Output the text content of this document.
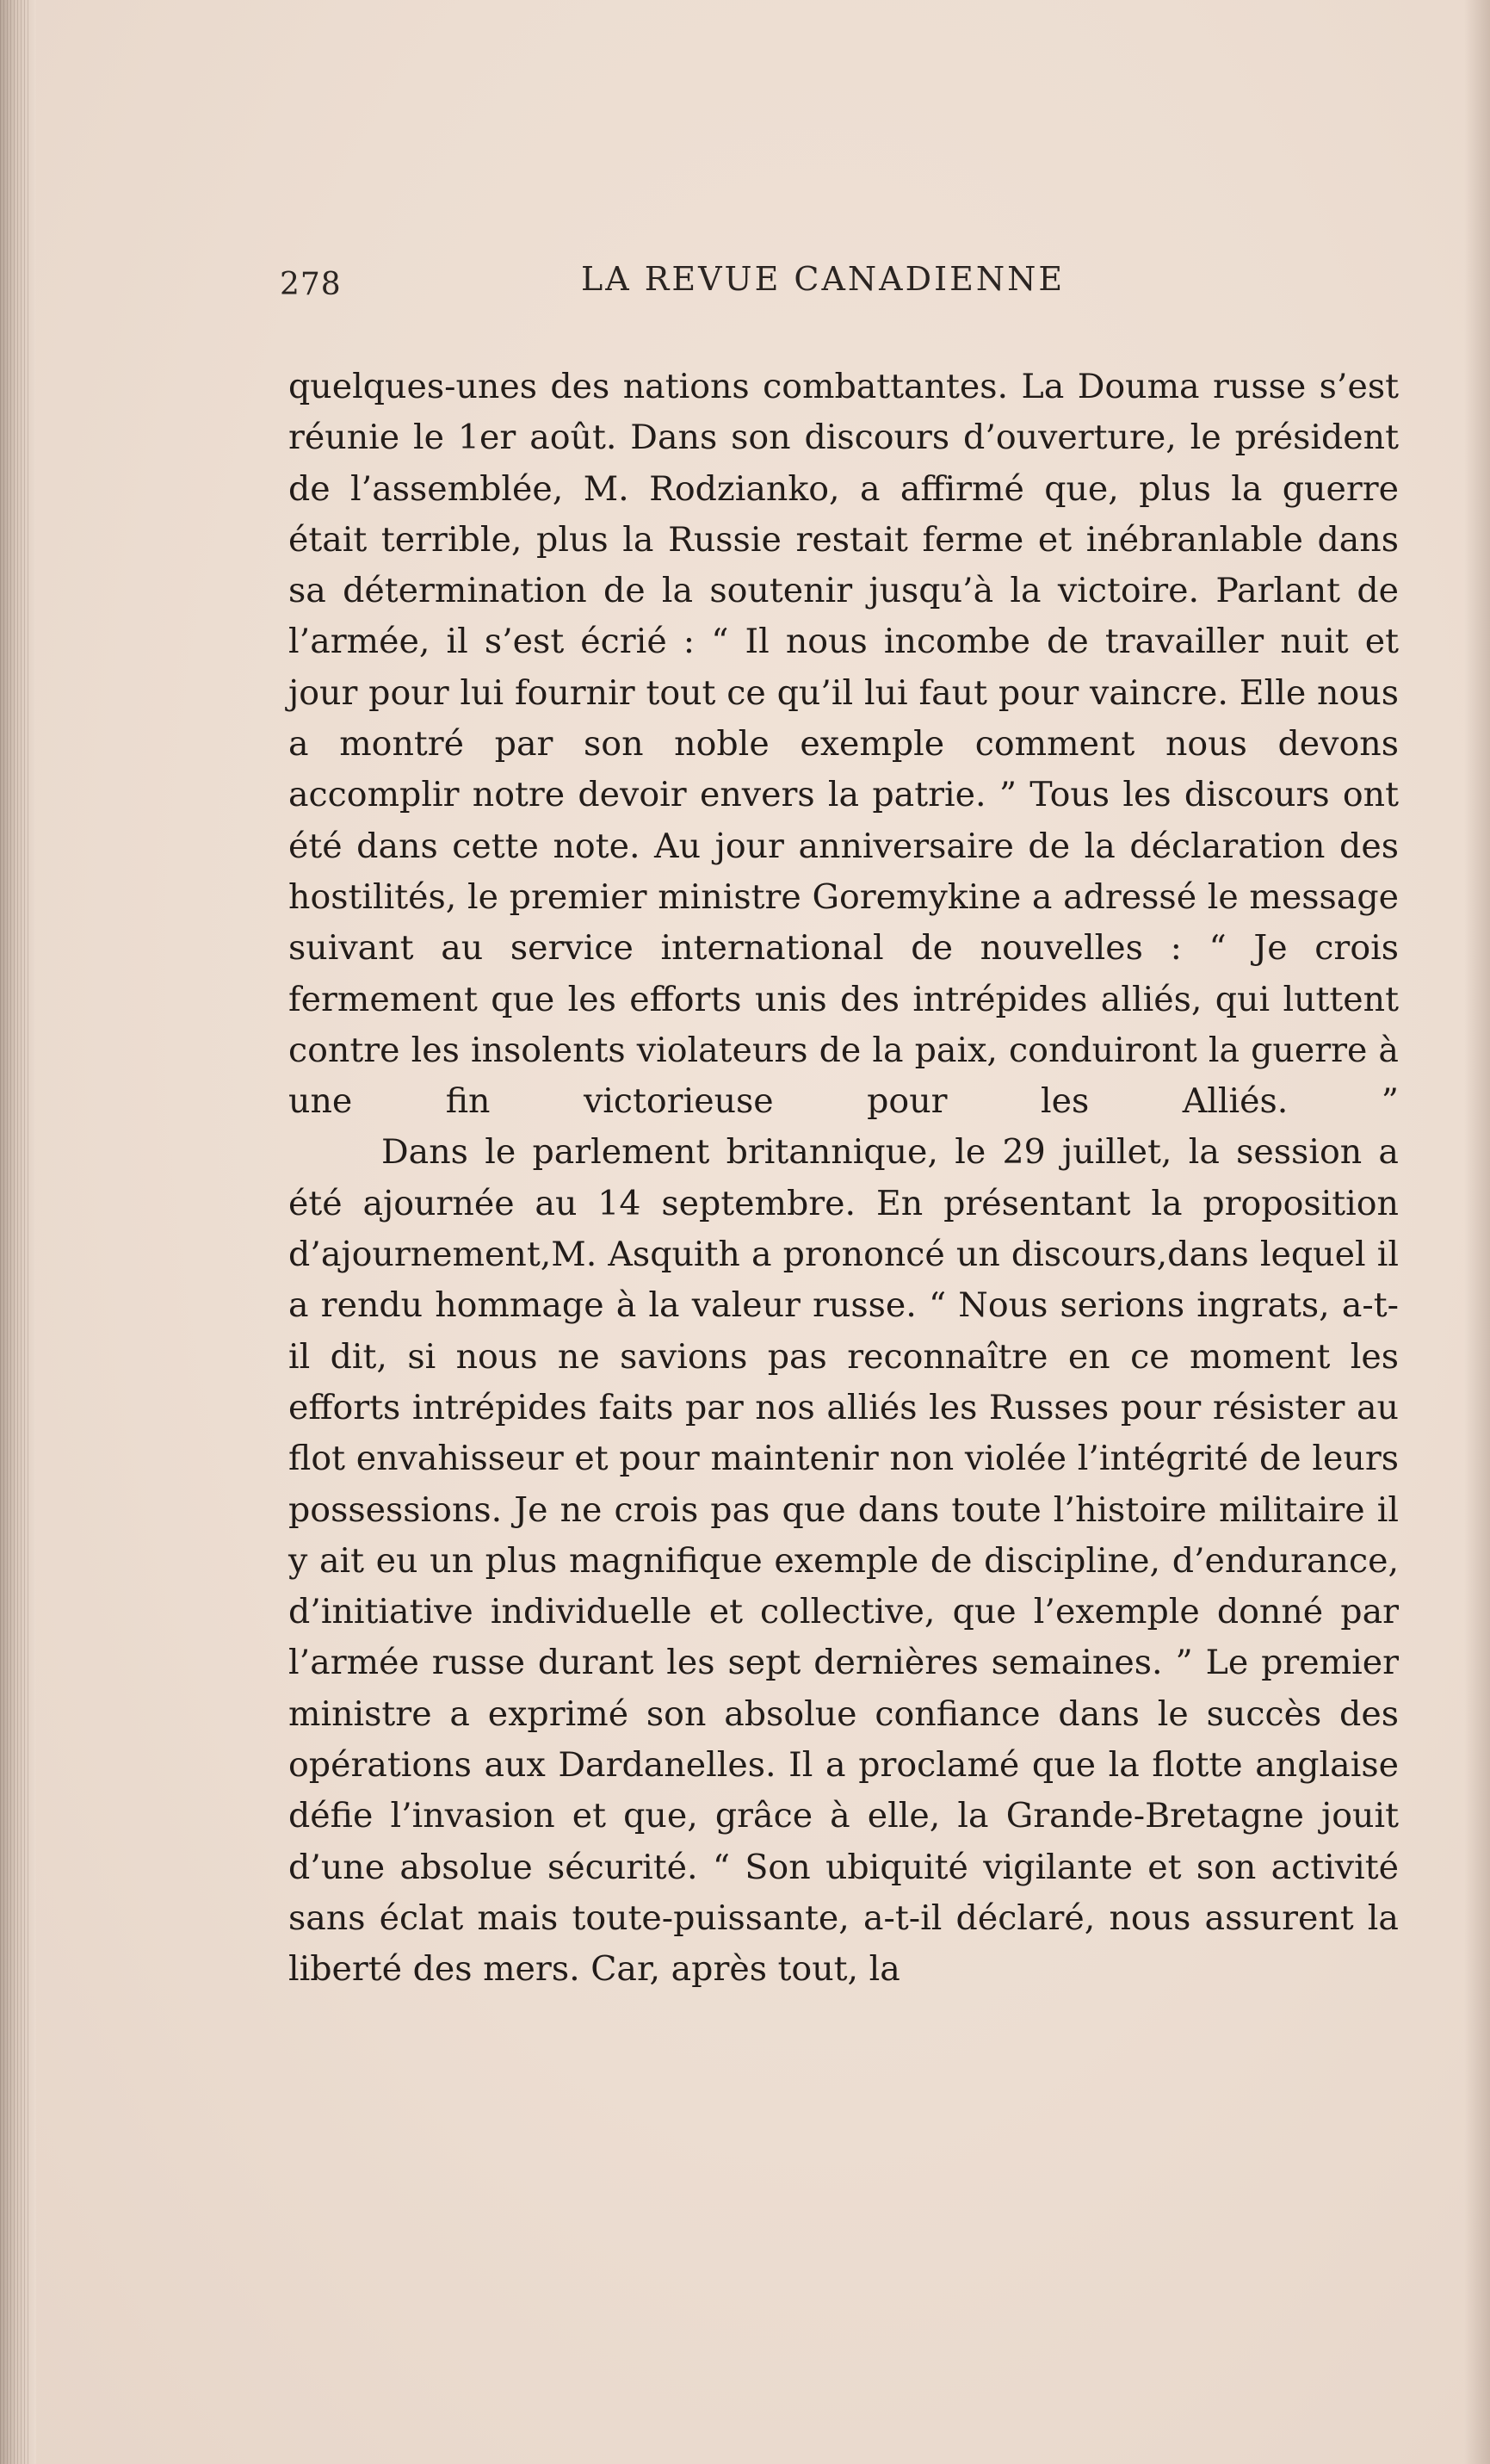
278	LA REVUE CANADIENNE

quelques-unes des nations combattantes. La Douma russe s’est réunie le 1er août. Dans son discours d’ouverture, le président de l’assemblée, M. Rodzianko, a affirmé que, plus la guerre était terrible, plus la Russie restait ferme et inébranlable dans sa détermination de la soutenir jusqu’à la victoire. Parlant de l’armée, il s’est écrié : “ Il nous incombe de travailler nuit et jour pour lui fournir tout ce qu’il lui faut pour vaincre. Elle nous a montré par son noble exemple comment nous devons accomplir notre devoir envers la patrie. ” Tous les discours ont été dans cette note. Au jour anniversaire de la déclaration des hostilités, le premier ministre Goremykine a adressé le message suivant au service international de nouvelles : “ Je crois fermement que les efforts unis des intrépides alliés, qui luttent contre les insolents violateurs de la paix, conduiront la guerre à une fin victorieuse pour les Alliés. ”

Dans le parlement britannique, le 29 juillet, la session a été ajournée au 14 septembre. En présentant la proposition d’ajournement,M. Asquith a prononcé un discours,dans lequel il a rendu hommage à la valeur russe. “ Nous serions ingrats, a-t-il dit, si nous ne savions pas reconnaître en ce moment les efforts intrépides faits par nos alliés les Russes pour résister au flot envahisseur et pour maintenir non violée l’intégrité de leurs possessions. Je ne crois pas que dans toute l’histoire militaire il y ait eu un plus magnifique exemple de discipline, d’endurance, d’initiative individuelle et collective, que l’exemple donné par l’armée russe durant les sept dernières semaines. ” Le premier ministre a exprimé son absolue confiance dans le succès des opérations aux Dardanelles. Il a proclamé que la flotte anglaise défie l’invasion et que, grâce à elle, la Grande-Bretagne jouit d’une absolue sécurité. “ Son ubiquité vigilante et son activité sans éclat mais toute-puissante, a-t-il déclaré, nous assurent la liberté des mers. Car, après tout, la
